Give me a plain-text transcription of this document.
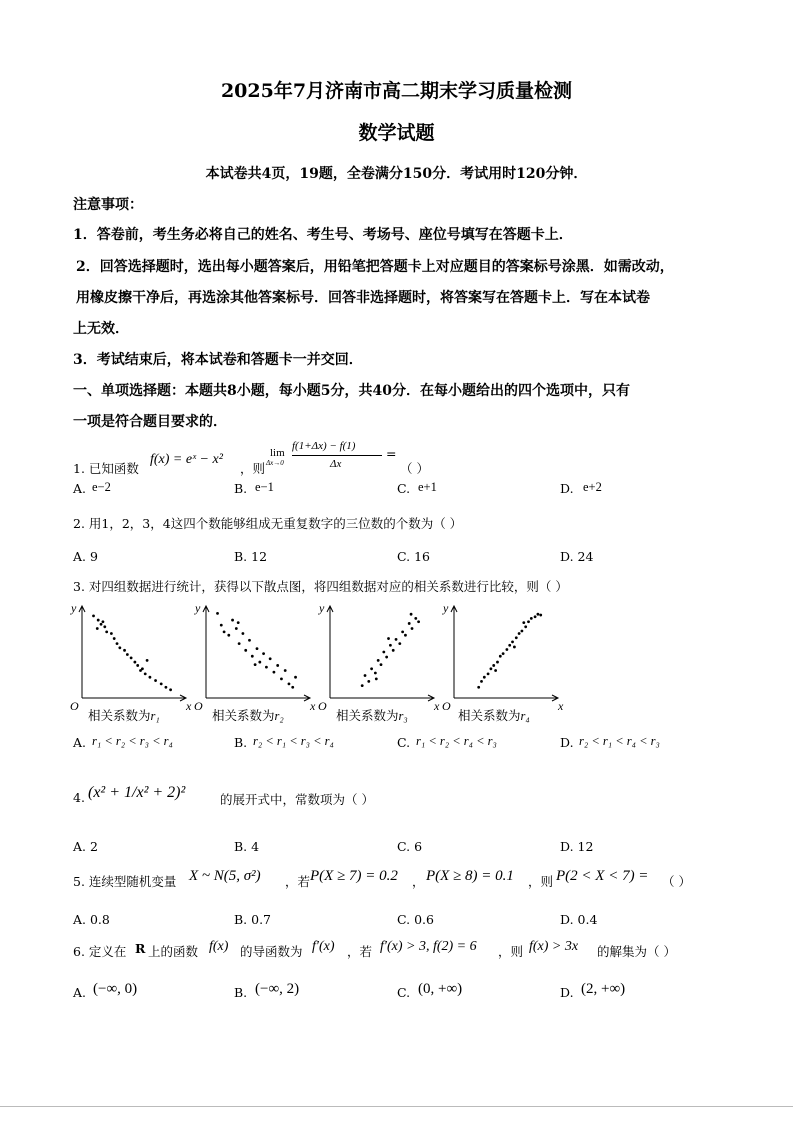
2025年7月济南市高二期末学习质量检测
数学试题
本试卷共4页，19题，全卷满分150分．考试用时120分钟．
注意事项：
1．答卷前，考生务必将自己的姓名、考生号、考场号、座位号填写在答题卡上．
2．回答选择题时，选出每小题答案后，用铅笔把答题卡上对应题目的答案标号涂黑．如需改动，
用橡皮擦干净后，再选涂其他答案标号．回答非选择题时，将答案写在答题卡上．写在本试卷
上无效．
3．考试结束后，将本试卷和答题卡一并交回．
一、单项选择题：本题共8小题，每小题5分，共40分．在每小题给出的四个选项中，只有
一项是符合题目要求的．
1. 已知函数
f(x) = eˣ − x²
，则
lim
Δx→0
f(1+Δx) − f(1)
Δx
=
（ ）
A. e−2	B. e−1	C. e+1	D. e+2
2. 用1，2，3，4这四个数能够组成无重复数字的三位数的个数为（ ）
A. 9	B. 12	C. 16	D. 24
3. 对四组数据进行统计，获得以下散点图，将四组数据对应的相关系数进行比较，则（ ）
y
x
O
y
x
O
y
x
O
y
x
O
相关系数为r₁	相关系数为r₂	相关系数为r₃	相关系数为r₄
A. r₁ < r₂ < r₃ < r₄	B. r₂ < r₁ < r₃ < r₄	C. r₁ < r₂ < r₄ < r₃	D. r₂ < r₁ < r₄ < r₃
4. (x² + 1/x² + 2)²	的展开式中，常数项为（ ）
A. 2	B. 4	C. 6	D. 12
5. 连续型随机变量 X ~ N(5, σ²) ，若 P(X ≥ 7) = 0.2 ， P(X ≥ 8) = 0.1 ，则 P(2 < X < 7) = （ ）
A. 0.8	B. 0.7	C. 0.6	D. 0.4
6. 定义在 R 上的函数 f(x) 的导函数为 f′(x) ，若 f′(x) > 3, f(2) = 6 ，则 f(x) > 3x 的解集为（ ）
A. (−∞, 0)	B. (−∞, 2)	C. (0, +∞)	D. (2, +∞)
